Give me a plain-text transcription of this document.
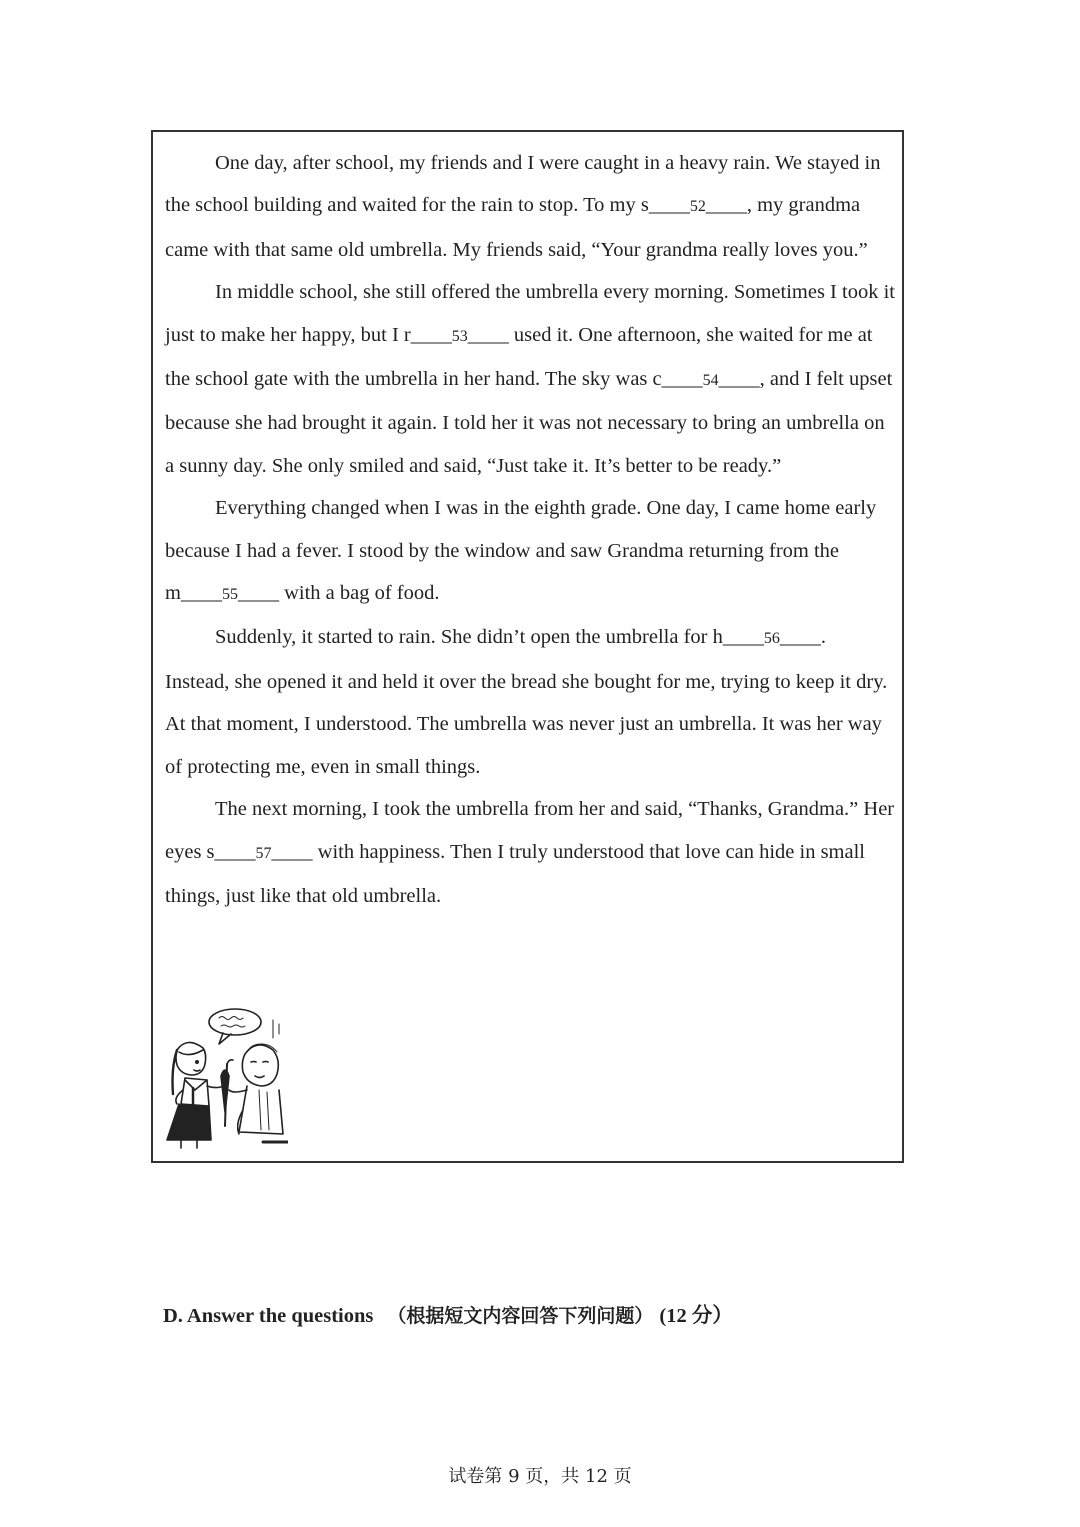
One day, after school, my friends and I were caught in a heavy rain. We stayed in the school building and waited for the rain to stop. To my s____52____, my grandma came with that same old umbrella. My friends said, “Your grandma really loves you.”

In middle school, she still offered the umbrella every morning. Sometimes I took it just to make her happy, but I r____53____ used it. One afternoon, she waited for me at the school gate with the umbrella in her hand. The sky was c____54____, and I felt upset because she had brought it again. I told her it was not necessary to bring an umbrella on a sunny day. She only smiled and said, “Just take it. It’s better to be ready.”

Everything changed when I was in the eighth grade. One day, I came home early because I had a fever. I stood by the window and saw Grandma returning from the m____55____ with a bag of food.

Suddenly, it started to rain. She didn’t open the umbrella for h____56____. Instead, she opened it and held it over the bread she bought for me, trying to keep it dry. At that moment, I understood. The umbrella was never just an umbrella. It was her way of protecting me, even in small things.

The next morning, I took the umbrella from her and said, “Thanks, Grandma.” Her eyes s____57____ with happiness. Then I truly understood that love can hide in small things, just like that old umbrella.

D. Answer the questions （根据短文内容回答下列问题） (12 分）
试卷第 9 页，共 12 页
